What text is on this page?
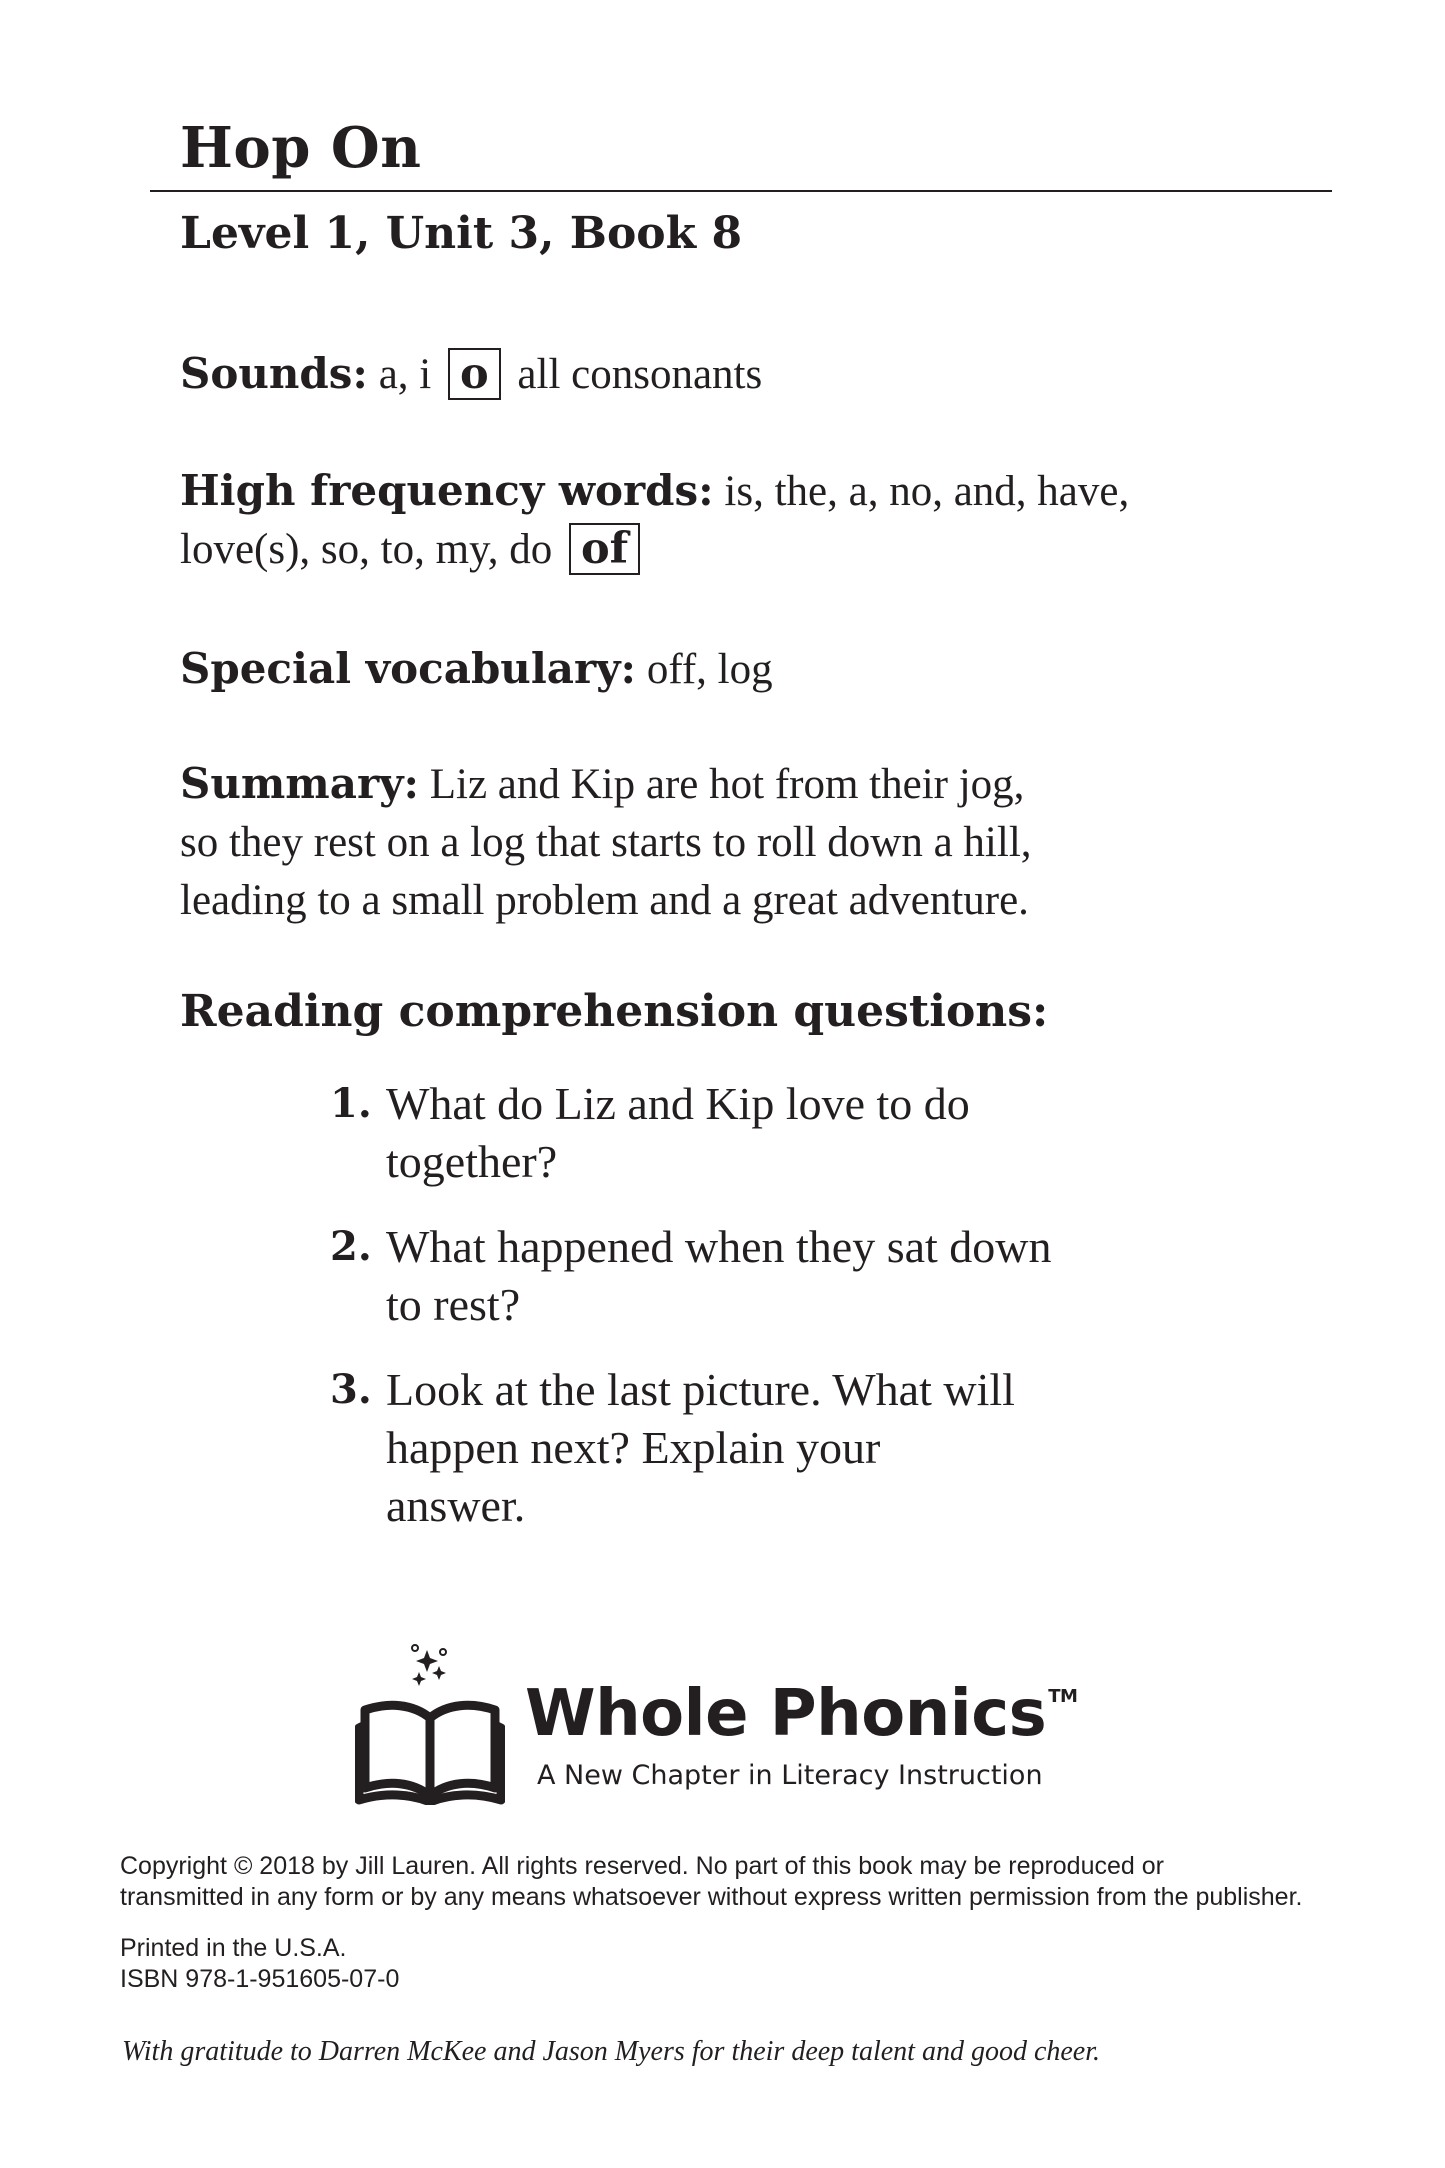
Hop On
Level 1, Unit 3, Book 8
Sounds: a, i o all consonants
High frequency words: is, the, a, no, and, have,
love(s), so, to, my, do of
Special vocabulary: off, log
Summary: Liz and Kip are hot from their jog,
so they rest on a log that starts to roll down a hill,
leading to a small problem and a great adventure.
Reading comprehension questions:
1. What do Liz and Kip love to do together?
2. What happened when they sat down to rest?
3. Look at the last picture. What will happen next? Explain your answer.
Whole Phonics ™
A New Chapter in Literacy Instruction
Copyright © 2018 by Jill Lauren. All rights reserved. No part of this book may be reproduced or
transmitted in any form or by any means whatsoever without express written permission from the publisher.
Printed in the U.S.A.
ISBN 978-1-951605-07-0
With gratitude to Darren McKee and Jason Myers for their deep talent and good cheer.
